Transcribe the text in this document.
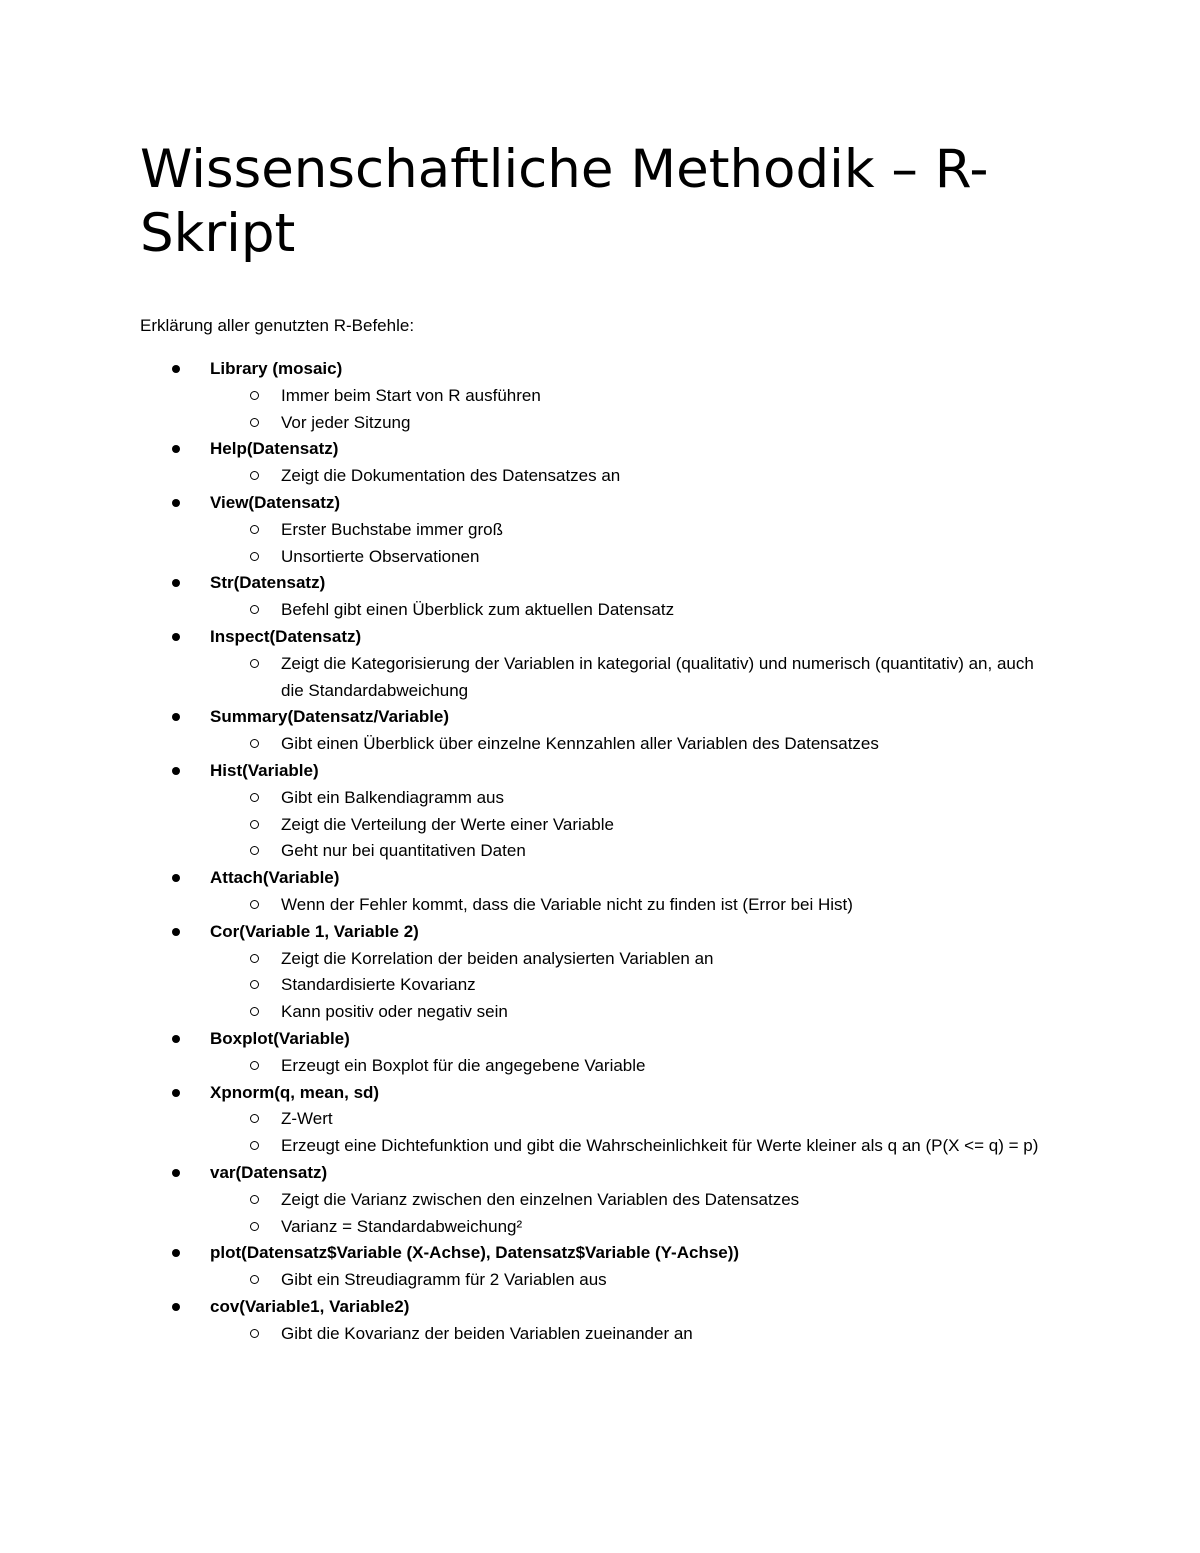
Wissenschaftliche Methodik – R-
Skript

Erklärung aller genutzten R-Befehle:

Library (mosaic)
Immer beim Start von R ausführen
Vor jeder Sitzung
Help(Datensatz)
Zeigt die Dokumentation des Datensatzes an
View(Datensatz)
Erster Buchstabe immer groß
Unsortierte Observationen
Str(Datensatz)
Befehl gibt einen Überblick zum aktuellen Datensatz
Inspect(Datensatz)
Zeigt die Kategorisierung der Variablen in kategorial (qualitativ) und numerisch (quantitativ) an, auch die Standardabweichung
Summary(Datensatz/Variable)
Gibt einen Überblick über einzelne Kennzahlen aller Variablen des Datensatzes
Hist(Variable)
Gibt ein Balkendiagramm aus
Zeigt die Verteilung der Werte einer Variable
Geht nur bei quantitativen Daten
Attach(Variable)
Wenn der Fehler kommt, dass die Variable nicht zu finden ist (Error bei Hist)
Cor(Variable 1, Variable 2)
Zeigt die Korrelation der beiden analysierten Variablen an
Standardisierte Kovarianz
Kann positiv oder negativ sein
Boxplot(Variable)
Erzeugt ein Boxplot für die angegebene Variable
Xpnorm(q, mean, sd)
Z-Wert
Erzeugt eine Dichtefunktion und gibt die Wahrscheinlichkeit für Werte kleiner als q an (P(X <= q) = p)
var(Datensatz)
Zeigt die Varianz zwischen den einzelnen Variablen des Datensatzes
Varianz = Standardabweichung²
plot(Datensatz$Variable (X-Achse), Datensatz$Variable (Y-Achse))
Gibt ein Streudiagramm für 2 Variablen aus
cov(Variable1, Variable2)
Gibt die Kovarianz der beiden Variablen zueinander an
